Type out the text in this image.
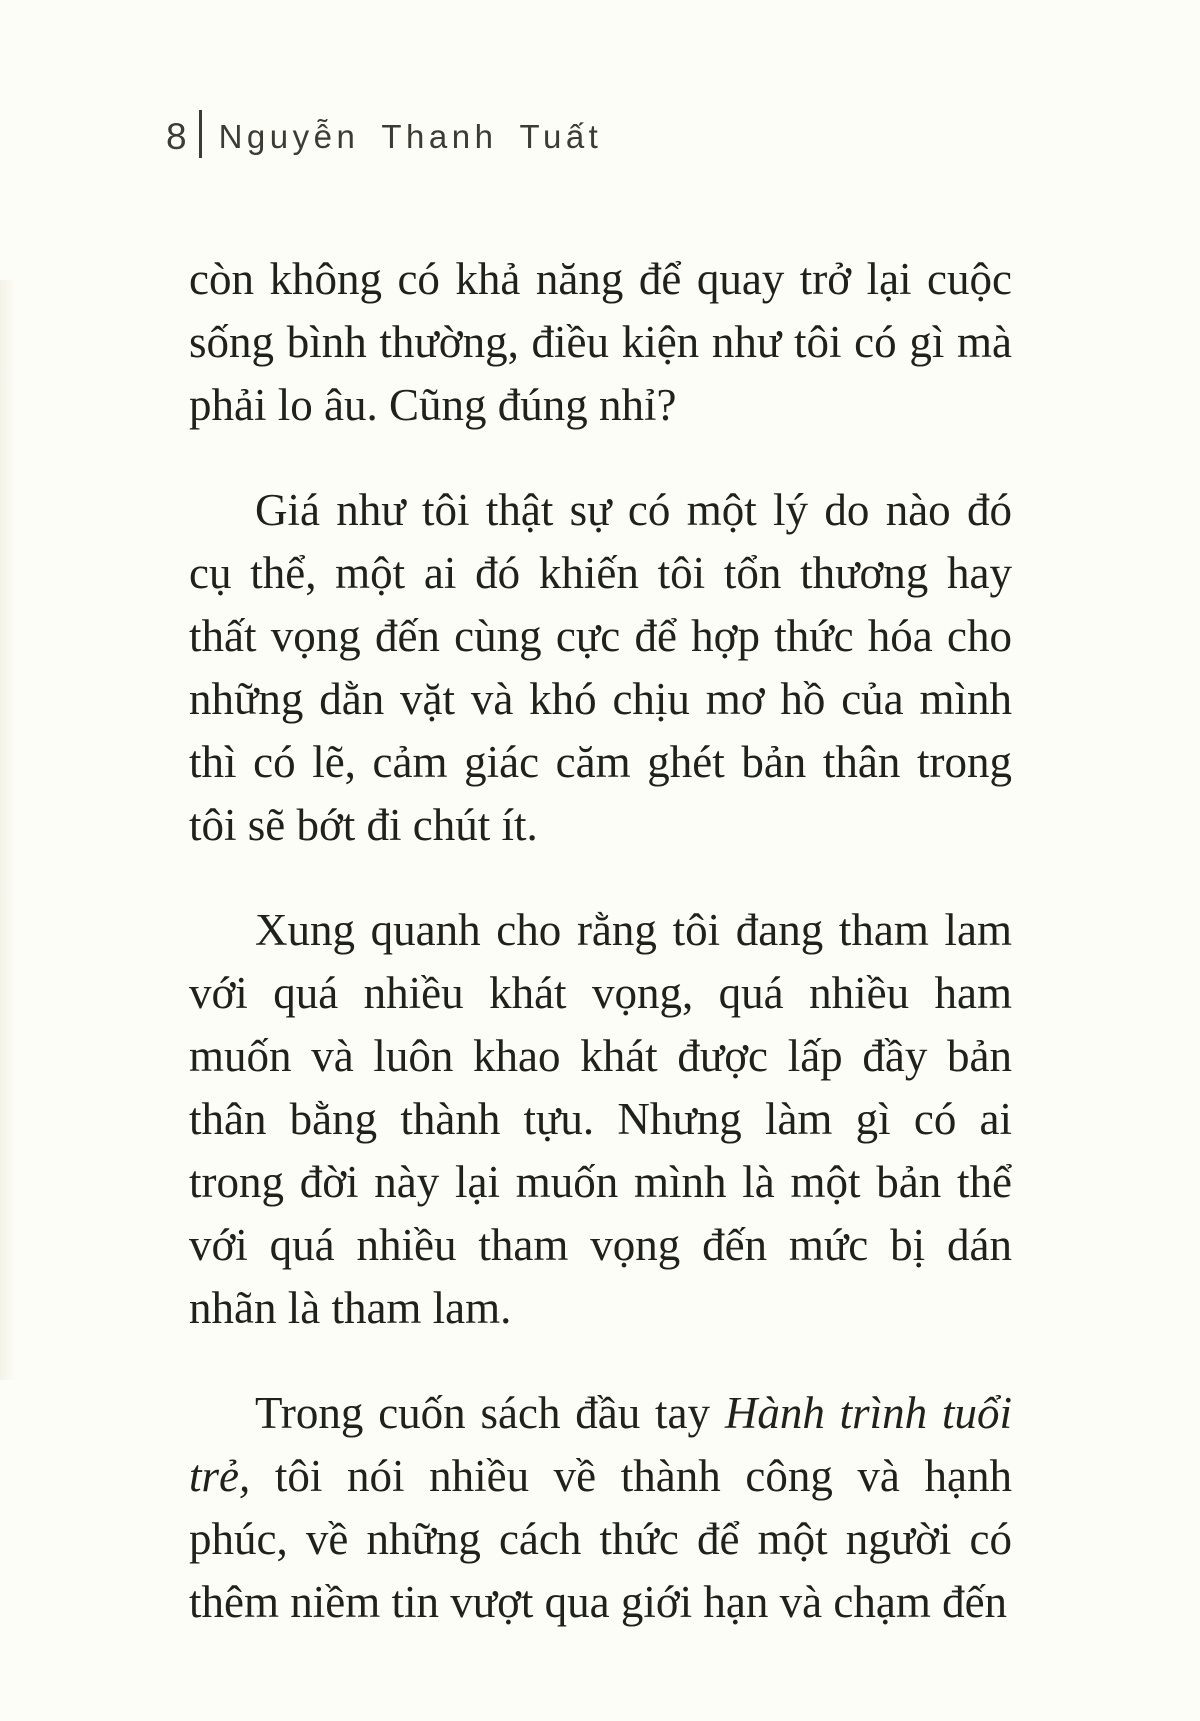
8 Nguyễn Thanh Tuất

còn không có khả năng để quay trở lại cuộc sống bình thường, điều kiện như tôi có gì mà phải lo âu. Cũng đúng nhỉ?

Giá như tôi thật sự có một lý do nào đó cụ thể, một ai đó khiến tôi tổn thương hay thất vọng đến cùng cực để hợp thức hóa cho những dằn vặt và khó chịu mơ hồ của mình thì có lẽ, cảm giác căm ghét bản thân trong tôi sẽ bớt đi chút ít.

Xung quanh cho rằng tôi đang tham lam với quá nhiều khát vọng, quá nhiều ham muốn và luôn khao khát được lấp đầy bản thân bằng thành tựu. Nhưng làm gì có ai trong đời này lại muốn mình là một bản thể với quá nhiều tham vọng đến mức bị dán nhãn là tham lam.

Trong cuốn sách đầu tay Hành trình tuổi trẻ, tôi nói nhiều về thành công và hạnh phúc, về những cách thức để một người có thêm niềm tin vượt qua giới hạn và chạm đến
